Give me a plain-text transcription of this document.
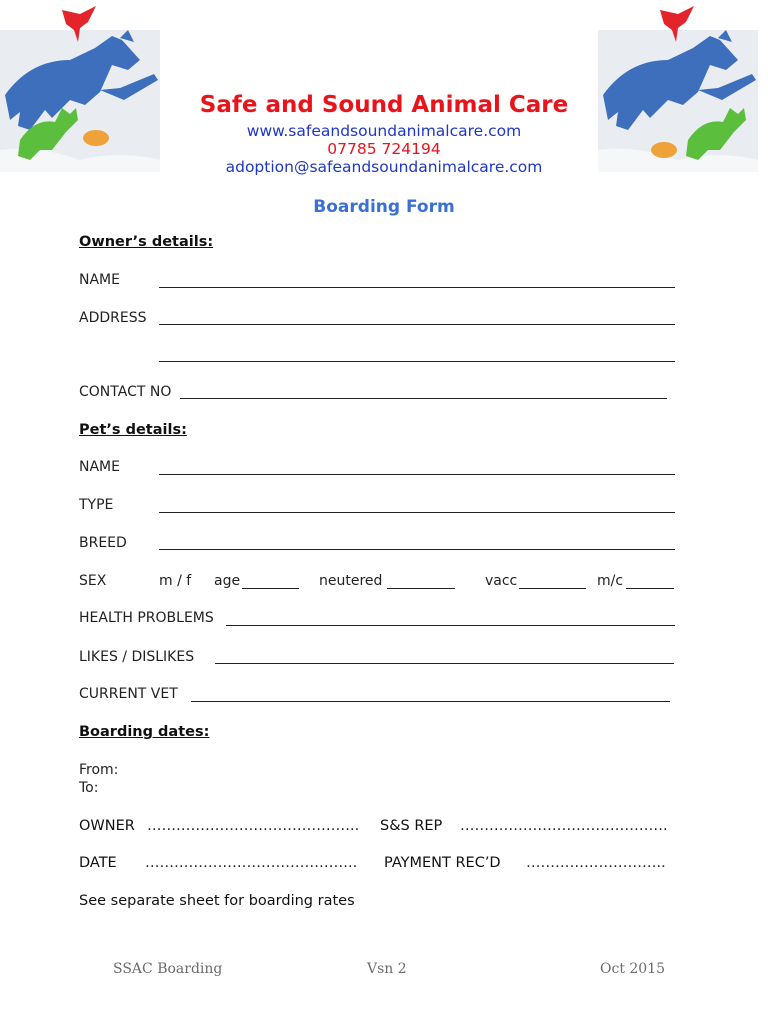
Safe and Sound Animal Care
www.safeandsoundanimalcare.com
07785 724194
adoption@safeandsoundanimalcare.com
Boarding Form
Owner’s details:
NAME
ADDRESS
CONTACT NO
Pet’s details:
NAME
TYPE
BREED
SEX	m / f age	neutered	vacc	m/c
HEALTH PROBLEMS
LIKES / DISLIKES
CURRENT VET
Boarding dates:
From:
To:
OWNER …………………………………….. S&S REP …………………………………….
DATE …………………………………….. PAYMENT REC’D ………………………..
See separate sheet for boarding rates
SSAC Boarding	Vsn 2	Oct 2015
